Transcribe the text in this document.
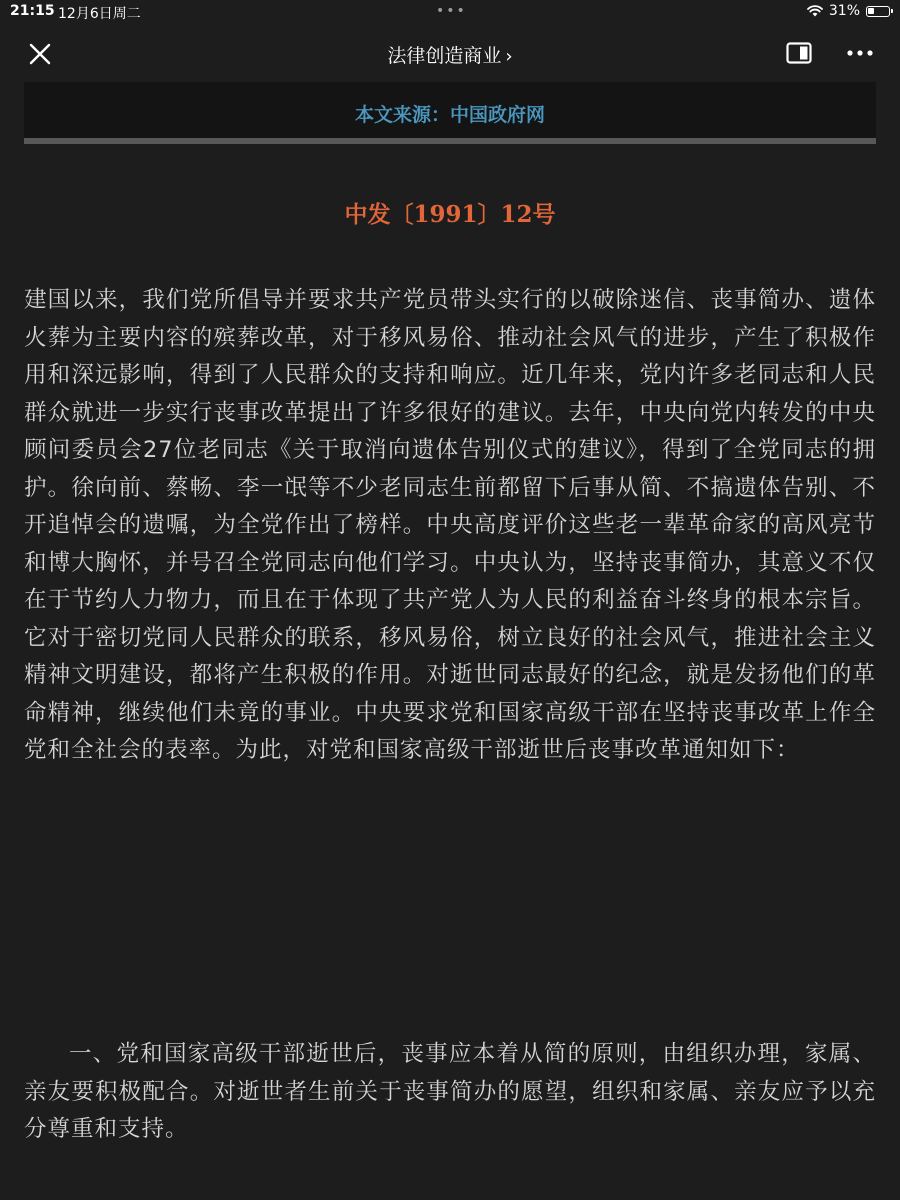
21:15 12月6日周二	•••	31%
法律创造商业 ›
本文来源：中国政府网
中发〔1991〕12号

建国以来，我们党所倡导并要求共产党员带头实行的以破除迷信、丧事简办、遗体火葬为主要内容的殡葬改革，对于移风易俗、推动社会风气的进步，产生了积极作用和深远影响，得到了人民群众的支持和响应。近几年来，党内许多老同志和人民群众就进一步实行丧事改革提出了许多很好的建议。去年，中央向党内转发的中央顾问委员会27位老同志《关于取消向遗体告别仪式的建议》，得到了全党同志的拥护。徐向前、蔡畅、李一氓等不少老同志生前都留下后事从简、不搞遗体告别、不开追悼会的遗嘱，为全党作出了榜样。中央高度评价这些老一辈革命家的高风亮节和博大胸怀，并号召全党同志向他们学习。中央认为，坚持丧事简办，其意义不仅在于节约人力物力，而且在于体现了共产党人为人民的利益奋斗终身的根本宗旨。它对于密切党同人民群众的联系，移风易俗，树立良好的社会风气，推进社会主义精神文明建设，都将产生积极的作用。对逝世同志最好的纪念，就是发扬他们的革命精神，继续他们未竟的事业。中央要求党和国家高级干部在坚持丧事改革上作全党和全社会的表率。为此，对党和国家高级干部逝世后丧事改革通知如下：

一、党和国家高级干部逝世后，丧事应本着从简的原则，由组织办理，家属、亲友要积极配合。对逝世者生前关于丧事简办的愿望，组织和家属、亲友应予以充分尊重和支持。
